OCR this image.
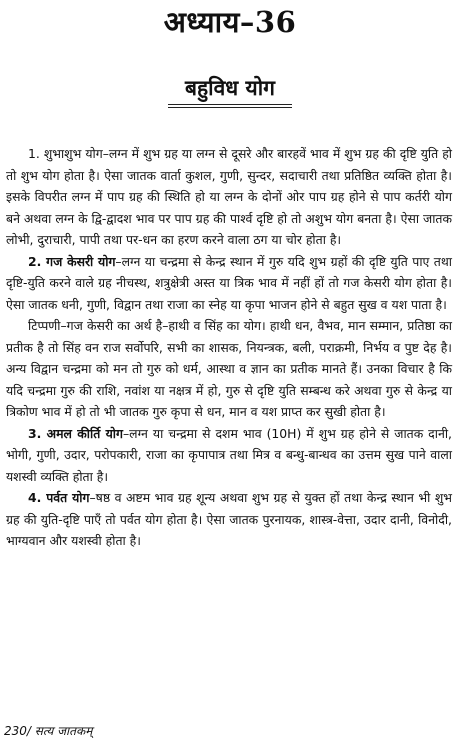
अध्याय–36
बहुविध योग

1. शुभाशुभ योग–लग्न में शुभ ग्रह या लग्न से दूसरे और बारहवें भाव में शुभ ग्रह की दृष्टि युति हो तो शुभ योग होता है। ऐसा जातक वार्ता कुशल, गुणी, सुन्दर, सदाचारी तथा प्रतिष्ठित व्यक्ति होता है। इसके विपरीत लग्न में पाप ग्रह की स्थिति हो या लग्न के दोनों ओर पाप ग्रह होने से पाप कर्तरी योग बने अथवा लग्न के द्वि-द्वादश भाव पर पाप ग्रह की पार्श्व दृष्टि हो तो अशुभ योग बनता है। ऐसा जातक लोभी, दुराचारी, पापी तथा पर-धन का हरण करने वाला ठग या चोर होता है।

2. गज केसरी योग–लग्न या चन्द्रमा से केन्द्र स्थान में गुरु यदि शुभ ग्रहों की दृष्टि युति पाए तथा दृष्टि-युति करने वाले ग्रह नीचस्थ, शत्रुक्षेत्री अस्त या त्रिक भाव में नहीं हों तो गज केसरी योग होता है। ऐसा जातक धनी, गुणी, विद्वान तथा राजा का स्नेह या कृपा भाजन होने से बहुत सुख व यश पाता है।

टिप्पणी–गज केसरी का अर्थ है–हाथी व सिंह का योग। हाथी धन, वैभव, मान सम्मान, प्रतिष्ठा का प्रतीक है तो सिंह वन राज सर्वोपरि, सभी का शासक, नियन्त्रक, बली, पराक्रमी, निर्भय व पुष्ट देह है। अन्य विद्वान चन्द्रमा को मन तो गुरु को धर्म, आस्था व ज्ञान का प्रतीक मानते हैं। उनका विचार है कि यदि चन्द्रमा गुरु की राशि, नवांश या नक्षत्र में हो, गुरु से दृष्टि युति सम्बन्ध करे अथवा गुरु से केन्द्र या त्रिकोण भाव में हो तो भी जातक गुरु कृपा से धन, मान व यश प्राप्त कर सुखी होता है।

3. अमल कीर्ति योग–लग्न या चन्द्रमा से दशम भाव (10H) में शुभ ग्रह होने से जातक दानी, भोगी, गुणी, उदार, परोपकारी, राजा का कृपापात्र तथा मित्र व बन्धु-बान्धव का उत्तम सुख पाने वाला यशस्वी व्यक्ति होता है।

4. पर्वत योग–षष्ठ व अष्टम भाव ग्रह शून्य अथवा शुभ ग्रह से युक्त हों तथा केन्द्र स्थान भी शुभ ग्रह की युति-दृष्टि पाएँ तो पर्वत योग होता है। ऐसा जातक पुरनायक, शास्त्र-वेत्ता, उदार दानी, विनोदी, भाग्यवान और यशस्वी होता है।

230/ सत्य जातकम्
